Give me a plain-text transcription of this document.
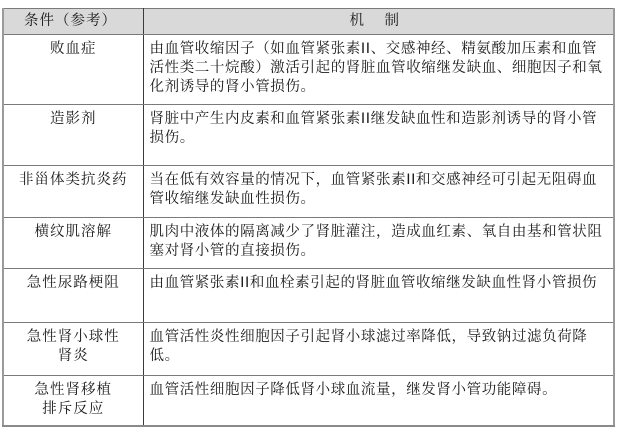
条件（参考）	机 制
败血症	由血管收缩因子（如血管紧张素II、交感神经、精氨酸加压素和血管活性类二十烷酸）激活引起的肾脏血管收缩继发缺血、细胞因子和氧化剂诱导的肾小管损伤。
造影剂	肾脏中产生内皮素和血管紧张素II继发缺血性和造影剂诱导的肾小管损伤。
非甾体类抗炎药	当在低有效容量的情况下，血管紧张素II和交感神经可引起无阻碍血管收缩继发缺血性损伤。
横纹肌溶解	肌肉中液体的隔离减少了肾脏灌注，造成血红素、氧自由基和管状阻塞对肾小管的直接损伤。
急性尿路梗阻	由血管紧张素II和血栓素引起的肾脏血管收缩继发缺血性肾小管损伤
急性肾小球性肾炎	血管活性炎性细胞因子引起肾小球滤过率降低，导致钠过滤负荷降低。
急性肾移植排斥反应	血管活性细胞因子降低肾小球血流量，继发肾小管功能障碍。
